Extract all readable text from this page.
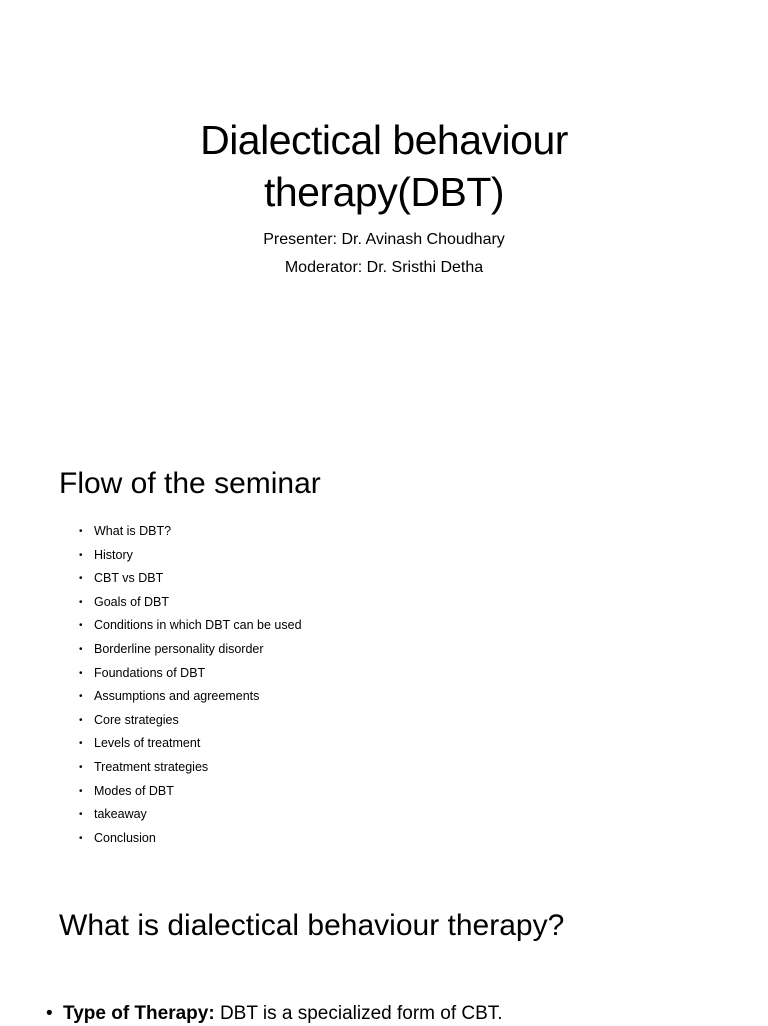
Dialectical behaviour
therapy(DBT)

Presenter: Dr. Avinash Choudhary

Moderator: Dr. Sristhi Detha

Flow of the seminar
• What is DBT?
• History
• CBT vs DBT
• Goals of DBT
• Conditions in which DBT can be used
• Borderline personality disorder
• Foundations of DBT
• Assumptions and agreements
• Core strategies
• Levels of treatment
• Treatment strategies
• Modes of DBT
• takeaway
• Conclusion
What is dialectical behaviour therapy?
• Type of Therapy: DBT is a specialized form of CBT.
